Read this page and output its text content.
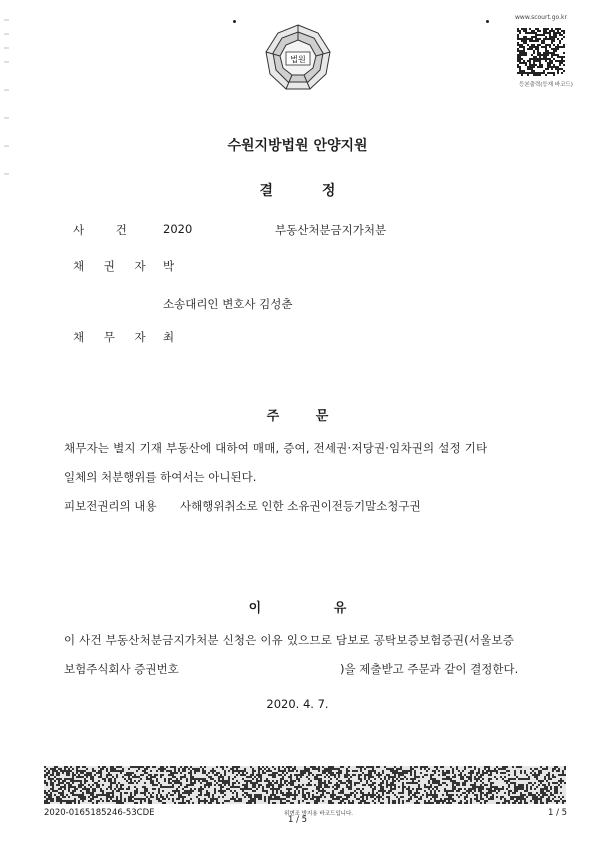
법원
www.scourt.go.kr
등본출력(등재 바코드)
수원지방법원 안양지원
결 정
사 건 2020	부동산처분금지가처분
채 권 자 박
소송대리인 변호사 김성춘
채 무 자 최
주 문
채무자는 별지 기재 부동산에 대하여 매매, 증여, 전세권·저당권·임차권의 설정 기타
일체의 처분행위를 하여서는 아니된다.
피보전권리의 내용 사해행위취소로 인한 소유권이전등기말소청구권
이 유
이 사건 부동산처분금지가처분 신청은 이유 있으므로 담보로 공탁보증보험증권(서울보증
보험주식회사 증권번호	)을 제출받고 주문과 같이 결정한다.
2020. 4. 7.
2020-0165185246-53CDE	위변조 방지용 바코드입니다.
1 / 5
1 / 5
